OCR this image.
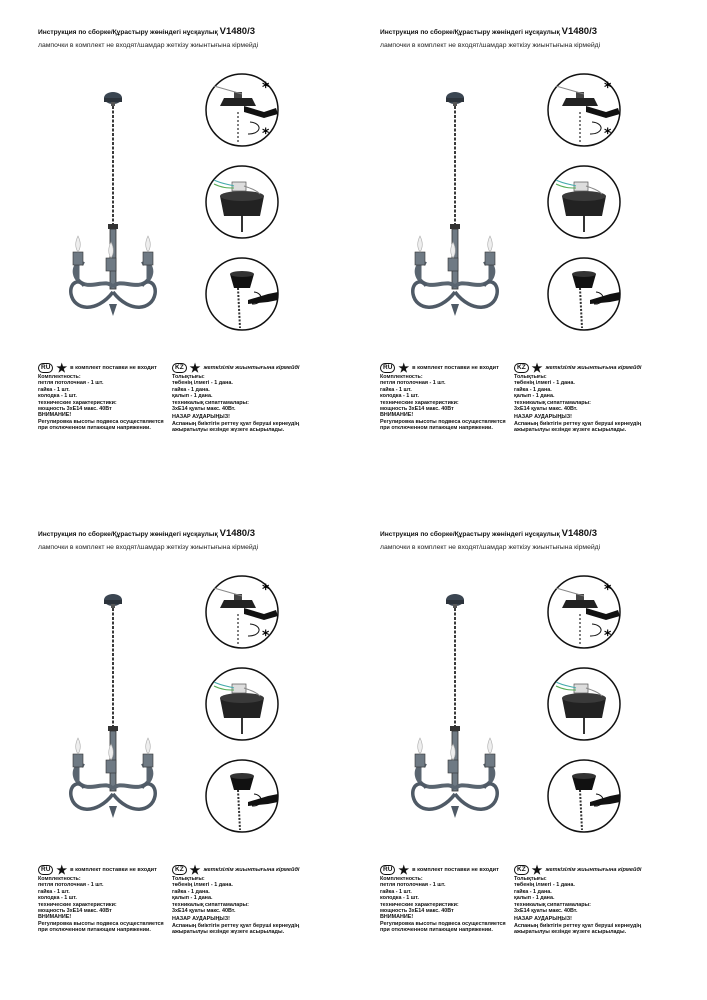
Инструкция по сборке/Құрастыру жөніндегі нұсқаулық V1480/3
лампочки в комплект не входят/шамдар жеткізу жиынтығына кірмейді
*
*
RU ★ в комплект поставки не входит
Комплектность:
петля потолочная - 1 шт.
гайка - 1 шт.
колодка - 1 шт.
технические характеристики:
мощность 3хЕ14 макс. 40Вт
ВНИМАНИЕ!
Регулировка высоты подвеса осуществляется
при отключенном питающем напряжении.
KZ ★ жеткізілім жиынтығына кірмейді
Толықтығы:
төбенің ілмегі - 1 дана.
гайка - 1 дана.
қалып - 1 дана.
техникалық сипаттамалары:
3хЕ14 қуаты макс. 40Вт.
НАЗАР АУДАРЫҢЫЗ!
Аспаның биіктігін реттеу қуат беруші кернеудің
ажыратылуы кезінде жүзеге асырылады.
Инструкция по сборке/Құрастыру жөніндегі нұсқаулық V1480/3
лампочки в комплект не входят/шамдар жеткізу жиынтығына кірмейді
*
*
RU ★ в комплект поставки не входит
Комплектность:
петля потолочная - 1 шт.
гайка - 1 шт.
колодка - 1 шт.
технические характеристики:
мощность 3хЕ14 макс. 40Вт
ВНИМАНИЕ!
Регулировка высоты подвеса осуществляется
при отключенном питающем напряжении.
KZ ★ жеткізілім жиынтығына кірмейді
Толықтығы:
төбенің ілмегі - 1 дана.
гайка - 1 дана.
қалып - 1 дана.
техникалық сипаттамалары:
3хЕ14 қуаты макс. 40Вт.
НАЗАР АУДАРЫҢЫЗ!
Аспаның биіктігін реттеу қуат беруші кернеудің
ажыратылуы кезінде жүзеге асырылады.
Инструкция по сборке/Құрастыру жөніндегі нұсқаулық V1480/3
лампочки в комплект не входят/шамдар жеткізу жиынтығына кірмейді
*
*
RU ★ в комплект поставки не входит
Комплектность:
петля потолочная - 1 шт.
гайка - 1 шт.
колодка - 1 шт.
технические характеристики:
мощность 3хЕ14 макс. 40Вт
ВНИМАНИЕ!
Регулировка высоты подвеса осуществляется
при отключенном питающем напряжении.
KZ ★ жеткізілім жиынтығына кірмейді
Толықтығы:
төбенің ілмегі - 1 дана.
гайка - 1 дана.
қалып - 1 дана.
техникалық сипаттамалары:
3хЕ14 қуаты макс. 40Вт.
НАЗАР АУДАРЫҢЫЗ!
Аспаның биіктігін реттеу қуат беруші кернеудің
ажыратылуы кезінде жүзеге асырылады.
Инструкция по сборке/Құрастыру жөніндегі нұсқаулық V1480/3
лампочки в комплект не входят/шамдар жеткізу жиынтығына кірмейді
*
*
RU ★ в комплект поставки не входит
Комплектность:
петля потолочная - 1 шт.
гайка - 1 шт.
колодка - 1 шт.
технические характеристики:
мощность 3хЕ14 макс. 40Вт
ВНИМАНИЕ!
Регулировка высоты подвеса осуществляется
при отключенном питающем напряжении.
KZ ★ жеткізілім жиынтығына кірмейді
Толықтығы:
төбенің ілмегі - 1 дана.
гайка - 1 дана.
қалып - 1 дана.
техникалық сипаттамалары:
3хЕ14 қуаты макс. 40Вт.
НАЗАР АУДАРЫҢЫЗ!
Аспаның биіктігін реттеу қуат беруші кернеудің
ажыратылуы кезінде жүзеге асырылады.
